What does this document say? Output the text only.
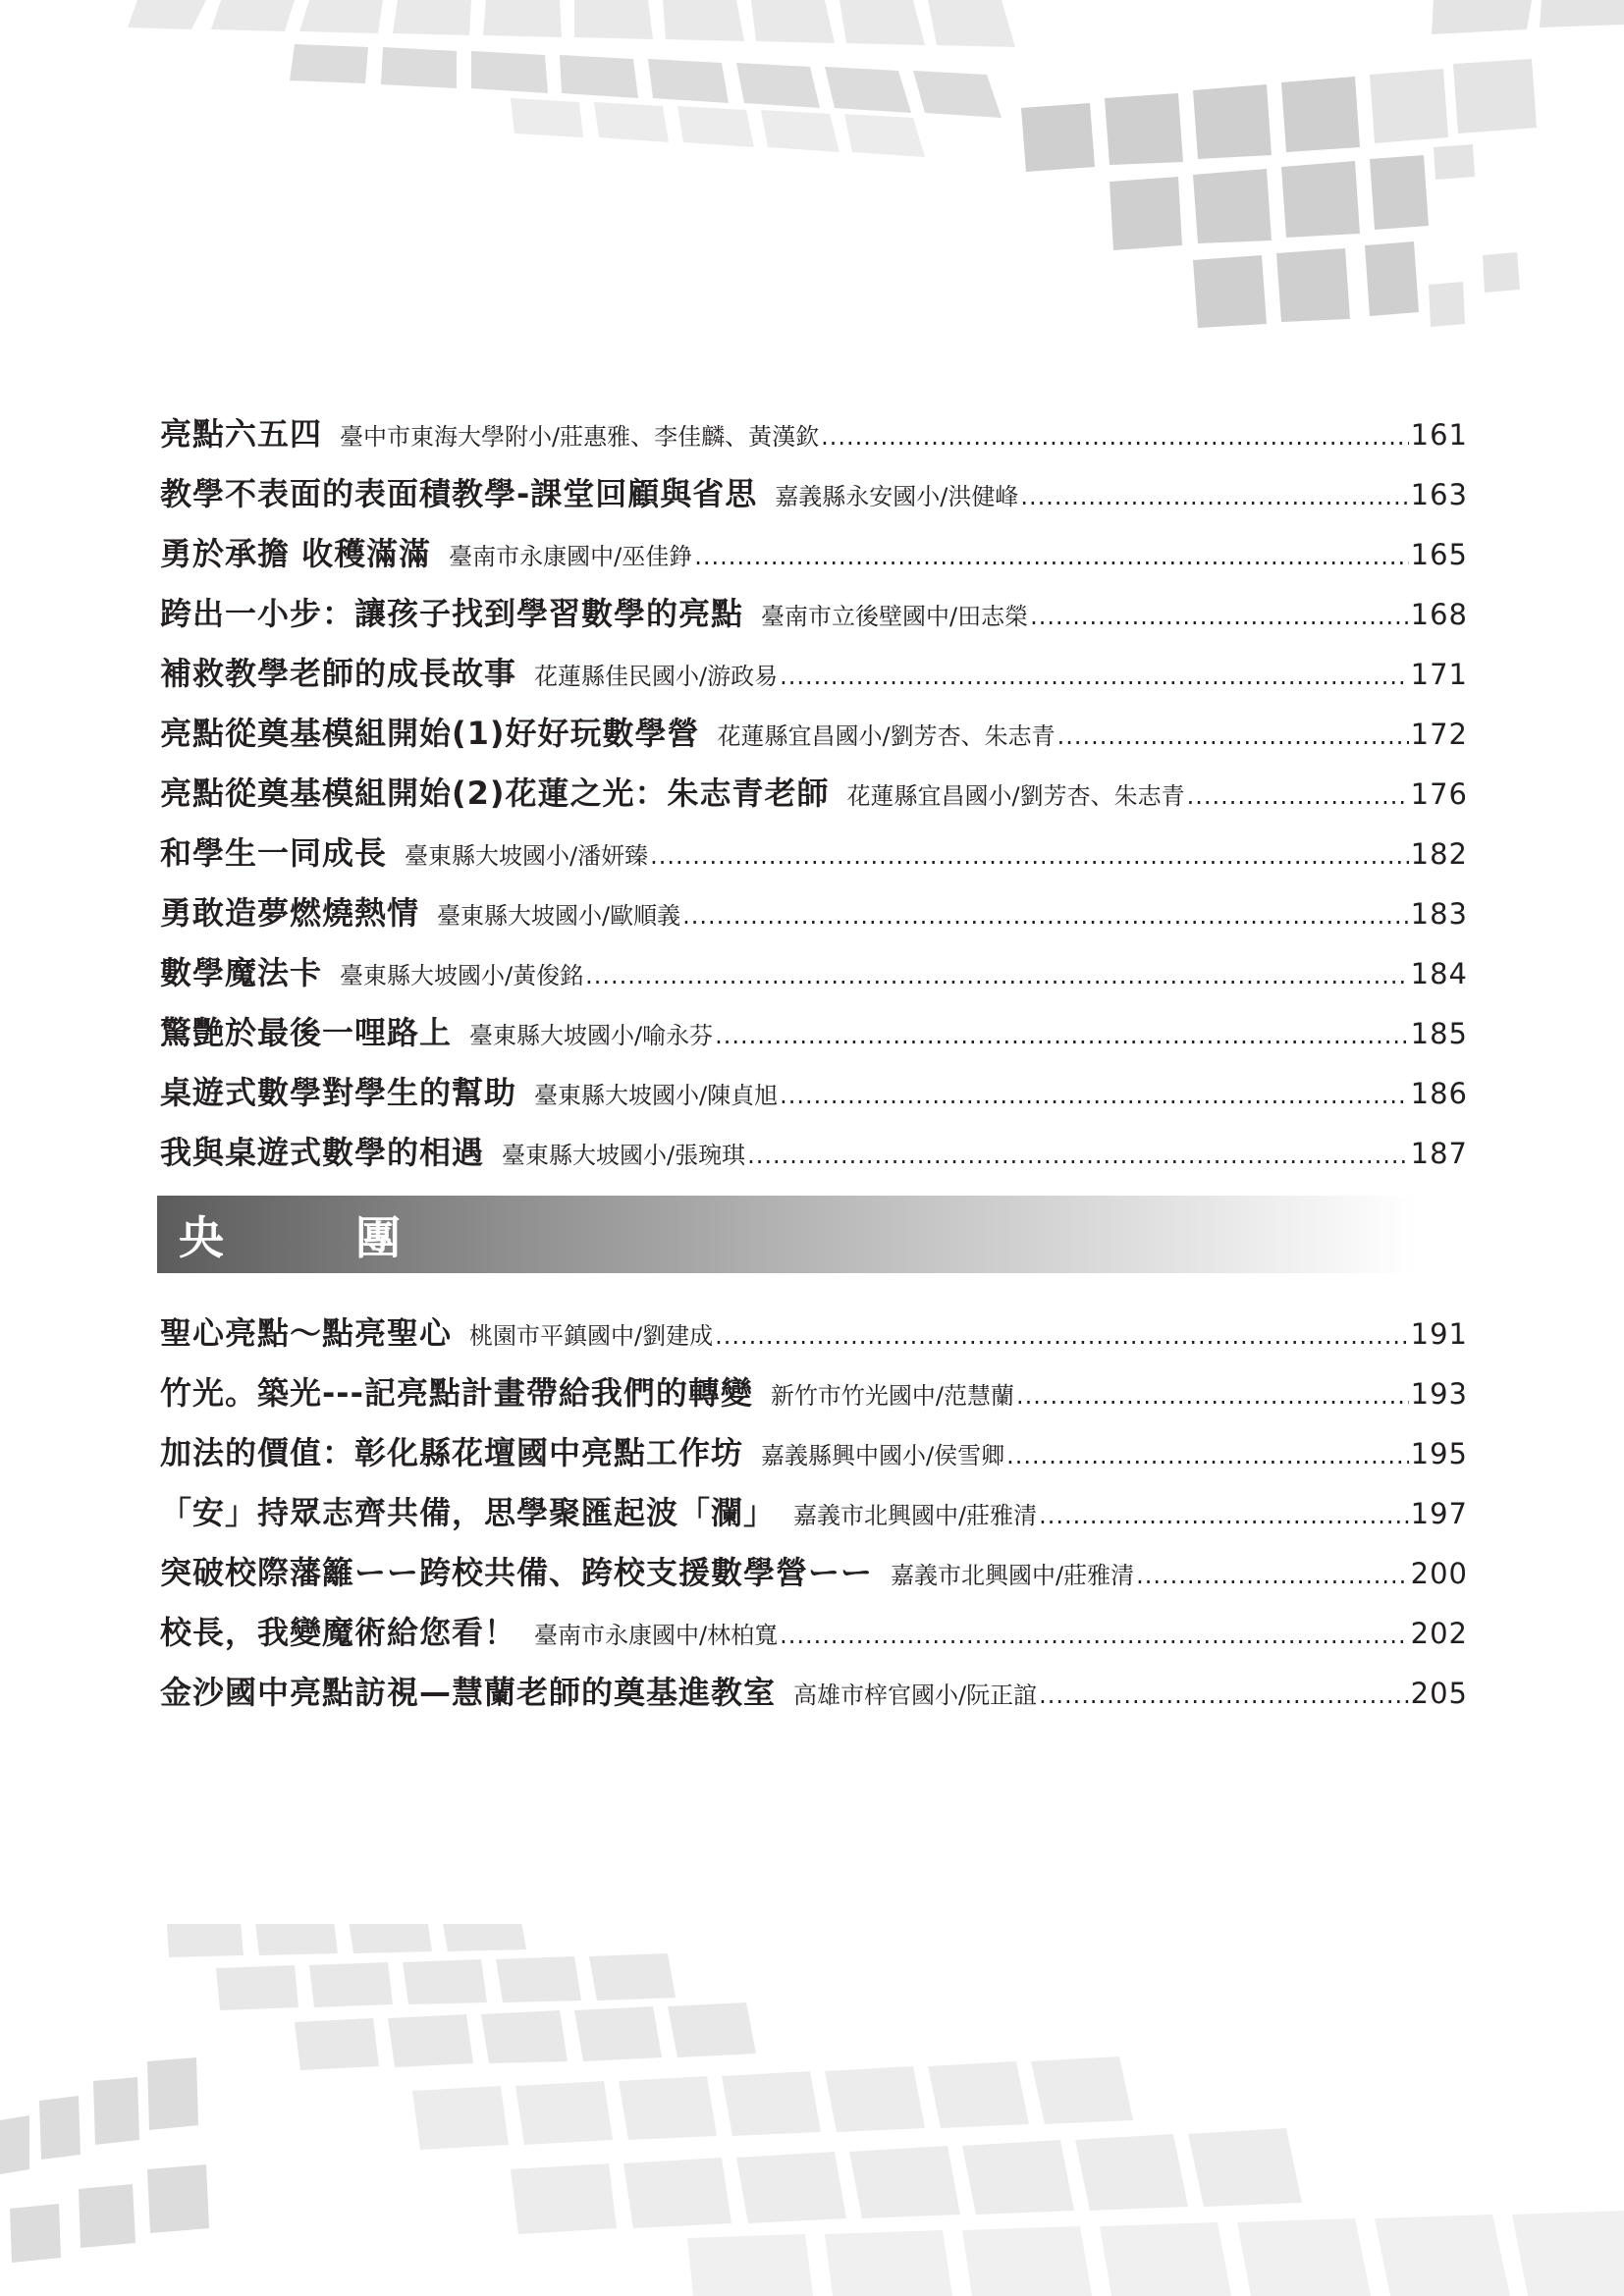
亮點六五四 臺中市東海大學附小/莊惠雅、李佳麟、黃漢欽 .....	161
教學不表面的表面積教學-課堂回顧與省思 嘉義縣永安國小/洪健峰 .....	163
勇於承擔 收穫滿滿 臺南市永康國中/巫佳錚 .....	165
跨出一小步：讓孩子找到學習數學的亮點 臺南市立後壁國中/田志榮 .....	168
補救教學老師的成長故事 花蓮縣佳民國小/游政易 .....	171
亮點從奠基模組開始(1)好好玩數學營 花蓮縣宜昌國小/劉芳杏、朱志青 .....	172
亮點從奠基模組開始(2)花蓮之光：朱志青老師 花蓮縣宜昌國小/劉芳杏、朱志青 .....	176
和學生一同成長 臺東縣大坡國小/潘妍臻 .....	182
勇敢造夢燃燒熱情 臺東縣大坡國小/歐順義 .....	183
數學魔法卡 臺東縣大坡國小/黃俊銘 .....	184
驚艷於最後一哩路上 臺東縣大坡國小/喻永芬 .....	185
桌遊式數學對學生的幫助 臺東縣大坡國小/陳貞旭 .....	186
我與桌遊式數學的相遇 臺東縣大坡國小/張琬琪 .....	187
央　團
聖心亮點～點亮聖心 桃園市平鎮國中/劉建成 .....	191
竹光。築光---記亮點計畫帶給我們的轉變 新竹市竹光國中/范慧蘭 .....	193
加法的價值：彰化縣花壇國中亮點工作坊 嘉義縣興中國小/侯雪卿 .....	195
「安」持眾志齊共備，思學聚匯起波「瀾」 嘉義市北興國中/莊雅清 .....	197
突破校際藩籬ーー跨校共備、跨校支援數學營ーー 嘉義市北興國中/莊雅清 .....	200
校長，我變魔術給您看！ 臺南市永康國中/林柏寬 .....	202
金沙國中亮點訪視—慧蘭老師的奠基進教室 高雄市梓官國小/阮正誼 .....	205
